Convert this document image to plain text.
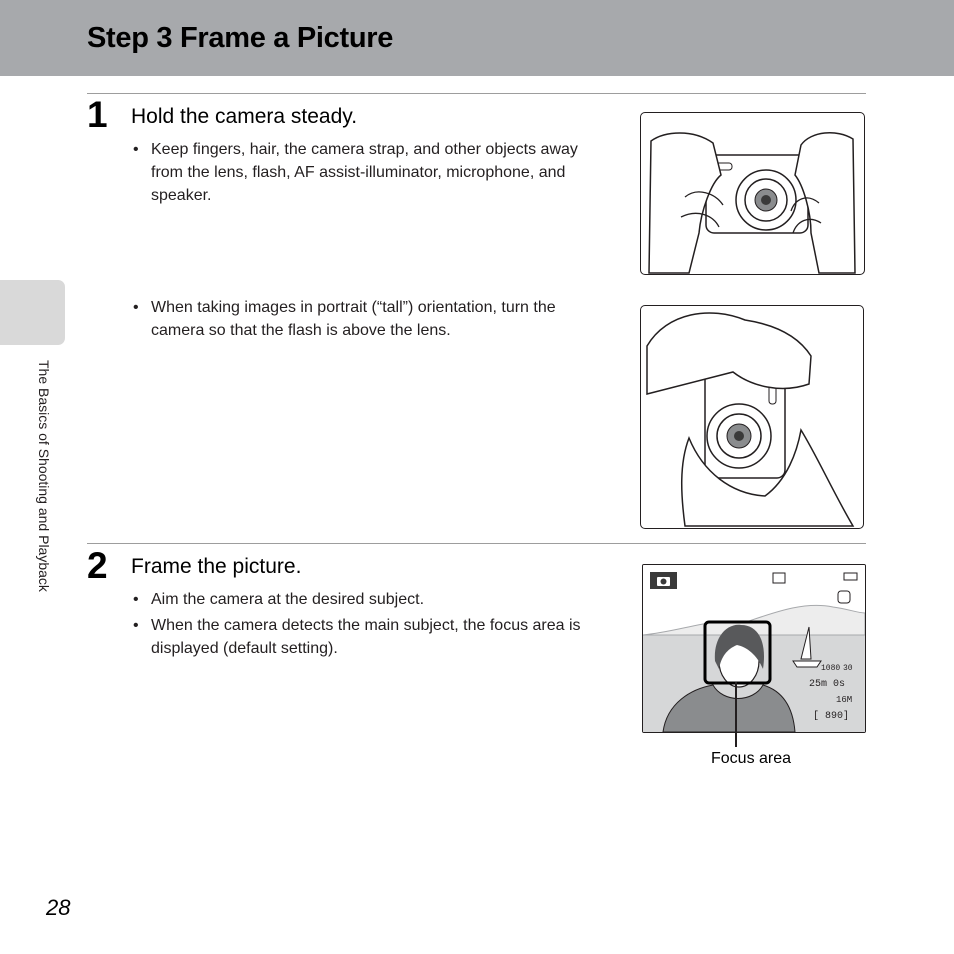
Step 3 Frame a Picture
The Basics of Shooting and Playback
1 Hold the camera steady.
• Keep fingers, hair, the camera strap, and other objects away from the lens, flash, AF assist-illuminator, microphone, and speaker.
• When taking images in portrait (“tall”) orientation, turn the camera so that the flash is above the lens.
2 Frame the picture.
• Aim the camera at the desired subject.
• When the camera detects the main subject, the focus area is displayed (default setting).
1080 30
25m 0s
16M
[ 890]
Focus area
28
